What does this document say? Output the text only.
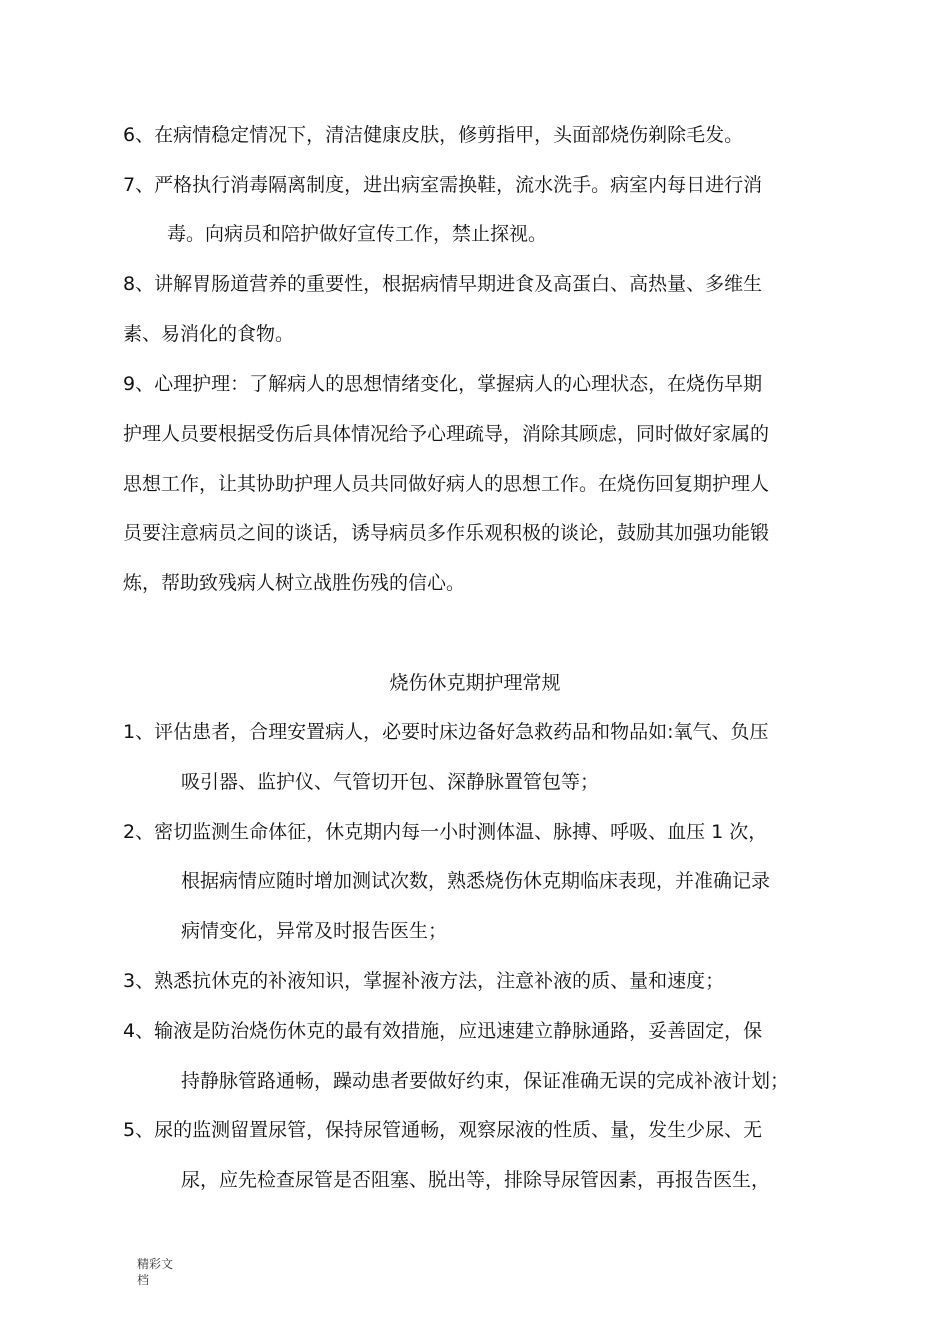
6、在病情稳定情况下，清洁健康皮肤，修剪指甲，头面部烧伤剃除毛发。
7、严格执行消毒隔离制度，进出病室需换鞋，流水洗手。病室内每日进行消
毒。向病员和陪护做好宣传工作，禁止探视。
8、讲解胃肠道营养的重要性，根据病情早期进食及高蛋白、高热量、多维生
素、易消化的食物。
9、心理护理：了解病人的思想情绪变化，掌握病人的心理状态，在烧伤早期
护理人员要根据受伤后具体情况给予心理疏导，消除其顾虑，同时做好家属的
思想工作，让其协助护理人员共同做好病人的思想工作。在烧伤回复期护理人
员要注意病员之间的谈话，诱导病员多作乐观积极的谈论，鼓励其加强功能锻
炼，帮助致残病人树立战胜伤残的信心。
烧伤休克期护理常规
1、评估患者，合理安置病人，必要时床边备好急救药品和物品如:氧气、负压
吸引器、监护仪、气管切开包、深静脉置管包等；
2、密切监测生命体征，休克期内每一小时测体温、脉搏、呼吸、血压 1 次，
根据病情应随时增加测试次数，熟悉烧伤休克期临床表现，并准确记录
病情变化，异常及时报告医生；
3、熟悉抗休克的补液知识，掌握补液方法，注意补液的质、量和速度；
4、输液是防治烧伤休克的最有效措施，应迅速建立静脉通路，妥善固定，保
持静脉管路通畅，躁动患者要做好约束，保证准确无误的完成补液计划；
5、尿的监测留置尿管，保持尿管通畅，观察尿液的性质、量，发生少尿、无
尿，应先检查尿管是否阻塞、脱出等，排除导尿管因素，再报告医生，
精彩文
档
